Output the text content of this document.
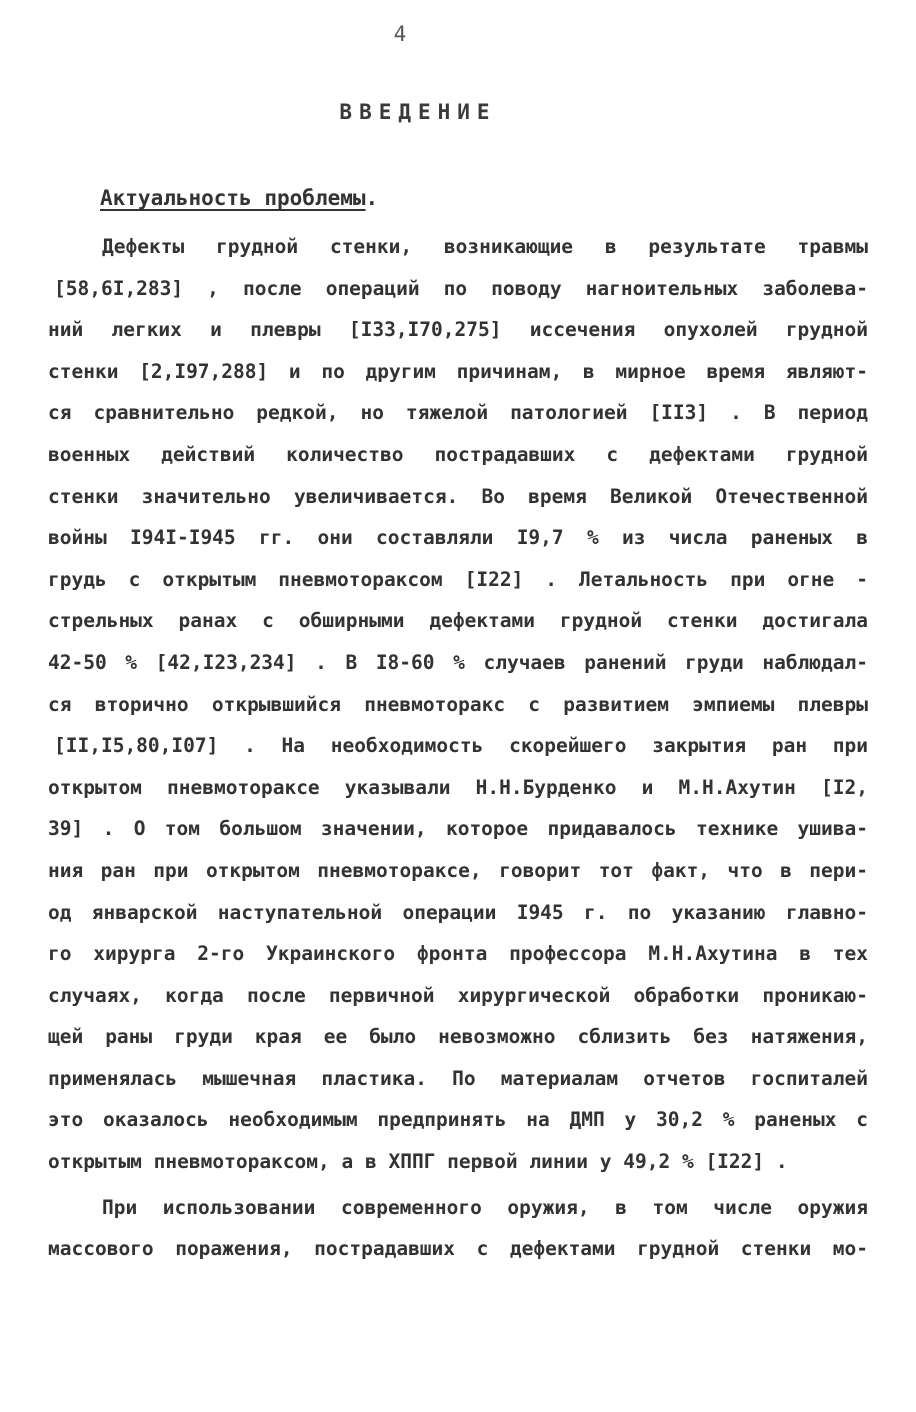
4
ВВЕДЕНИЕ
Актуальность проблемы.
Дефекты грудной стенки, возникающие в результате травмы
[58,6I,283] , после операций по поводу нагноительных заболева-
ний легких и плевры [I33,I70,275] иссечения опухолей грудной
стенки [2,I97,288] и по другим причинам, в мирное время являют-
ся сравнительно редкой, но тяжелой патологией [II3] . В период
военных действий количество пострадавших с дефектами грудной
стенки значительно увеличивается. Во время Великой Отечественной
войны I94I-I945 гг. они составляли I9,7 % из числа раненых в
грудь с открытым пневмотораксом [I22] . Летальность при огне -
стрельных ранах с обширными дефектами грудной стенки достигала
42-50 % [42,I23,234] . В I8-60 % случаев ранений груди наблюдал-
ся вторично открывшийся пневмоторакс с развитием эмпиемы плевры
[II,I5,80,I07] . На необходимость скорейшего закрытия ран при
открытом пневмотораксе указывали Н.Н.Бурденко и М.Н.Ахутин [I2,
39] . О том большом значении, которое придавалось технике ушива-
ния ран при открытом пневмотораксе, говорит тот факт, что в пери-
од январской наступательной операции I945 г. по указанию главно-
го хирурга 2-го Украинского фронта профессора М.Н.Ахутина в тех
случаях, когда после первичной хирургической обработки проникаю-
щей раны груди края ее было невозможно сблизить без натяжения,
применялась мышечная пластика. По материалам отчетов госпиталей
это оказалось необходимым предпринять на ДМП у 30,2 % раненых с
открытым пневмотораксом, а в ХППГ первой линии у 49,2 % [I22] .
При использовании современного оружия, в том числе оружия
массового поражения, пострадавших с дефектами грудной стенки мо-
